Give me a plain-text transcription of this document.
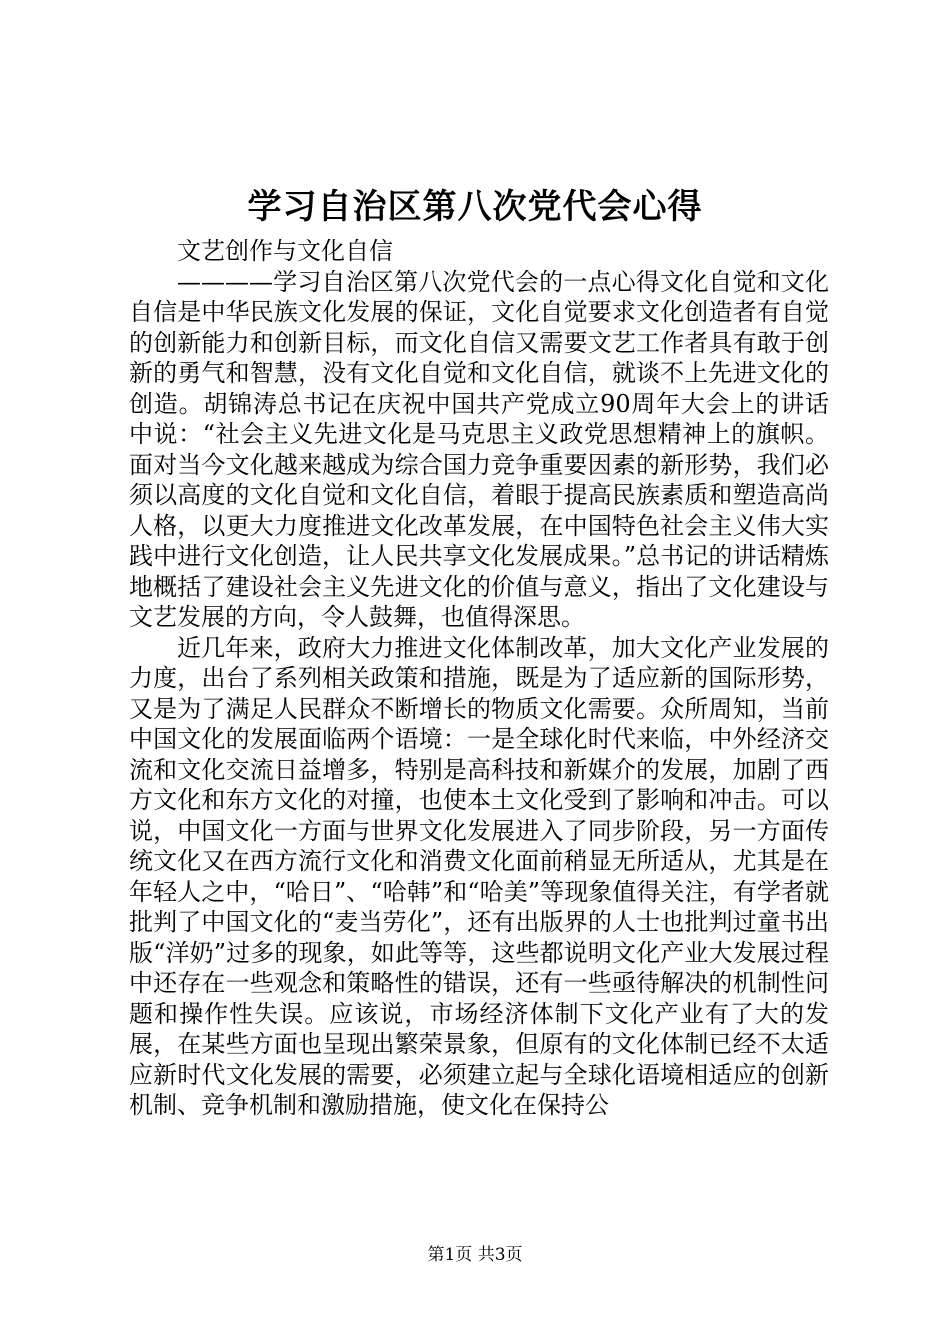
学习自治区第八次党代会心得

文艺创作与文化自信

————学习自治区第八次党代会的一点心得文化自觉和文化自信是中华民族文化发展的保证，文化自觉要求文化创造者有自觉的创新能力和创新目标，而文化自信又需要文艺工作者具有敢于创新的勇气和智慧，没有文化自觉和文化自信，就谈不上先进文化的创造。胡锦涛总书记在庆祝中国共产党成立90周年大会上的讲话中说：“社会主义先进文化是马克思主义政党思想精神上的旗帜。面对当今文化越来越成为综合国力竞争重要因素的新形势，我们必须以高度的文化自觉和文化自信，着眼于提高民族素质和塑造高尚人格，以更大力度推进文化改革发展，在中国特色社会主义伟大实践中进行文化创造，让人民共享文化发展成果。”总书记的讲话精炼地概括了建设社会主义先进文化的价值与意义，指出了文化建设与文艺发展的方向，令人鼓舞，也值得深思。

近几年来，政府大力推进文化体制改革，加大文化产业发展的力度，出台了系列相关政策和措施，既是为了适应新的国际形势，又是为了满足人民群众不断增长的物质文化需要。众所周知，当前中国文化的发展面临两个语境：一是全球化时代来临，中外经济交流和文化交流日益增多，特别是高科技和新媒介的发展，加剧了西方文化和东方文化的对撞，也使本土文化受到了影响和冲击。可以说，中国文化一方面与世界文化发展进入了同步阶段，另一方面传统文化又在西方流行文化和消费文化面前稍显无所适从，尤其是在年轻人之中，“哈日”、“哈韩”和“哈美”等现象值得关注，有学者就批判了中国文化的“麦当劳化”，还有出版界的人士也批判过童书出版“洋奶”过多的现象，如此等等，这些都说明文化产业大发展过程中还存在一些观念和策略性的错误，还有一些亟待解决的机制性问题和操作性失误。应该说，市场经济体制下文化产业有了大的发展，在某些方面也呈现出繁荣景象，但原有的文化体制已经不太适应新时代文化发展的需要，必须建立起与全球化语境相适应的创新机制、竞争机制和激励措施，使文化在保持公

第1页 共3页
